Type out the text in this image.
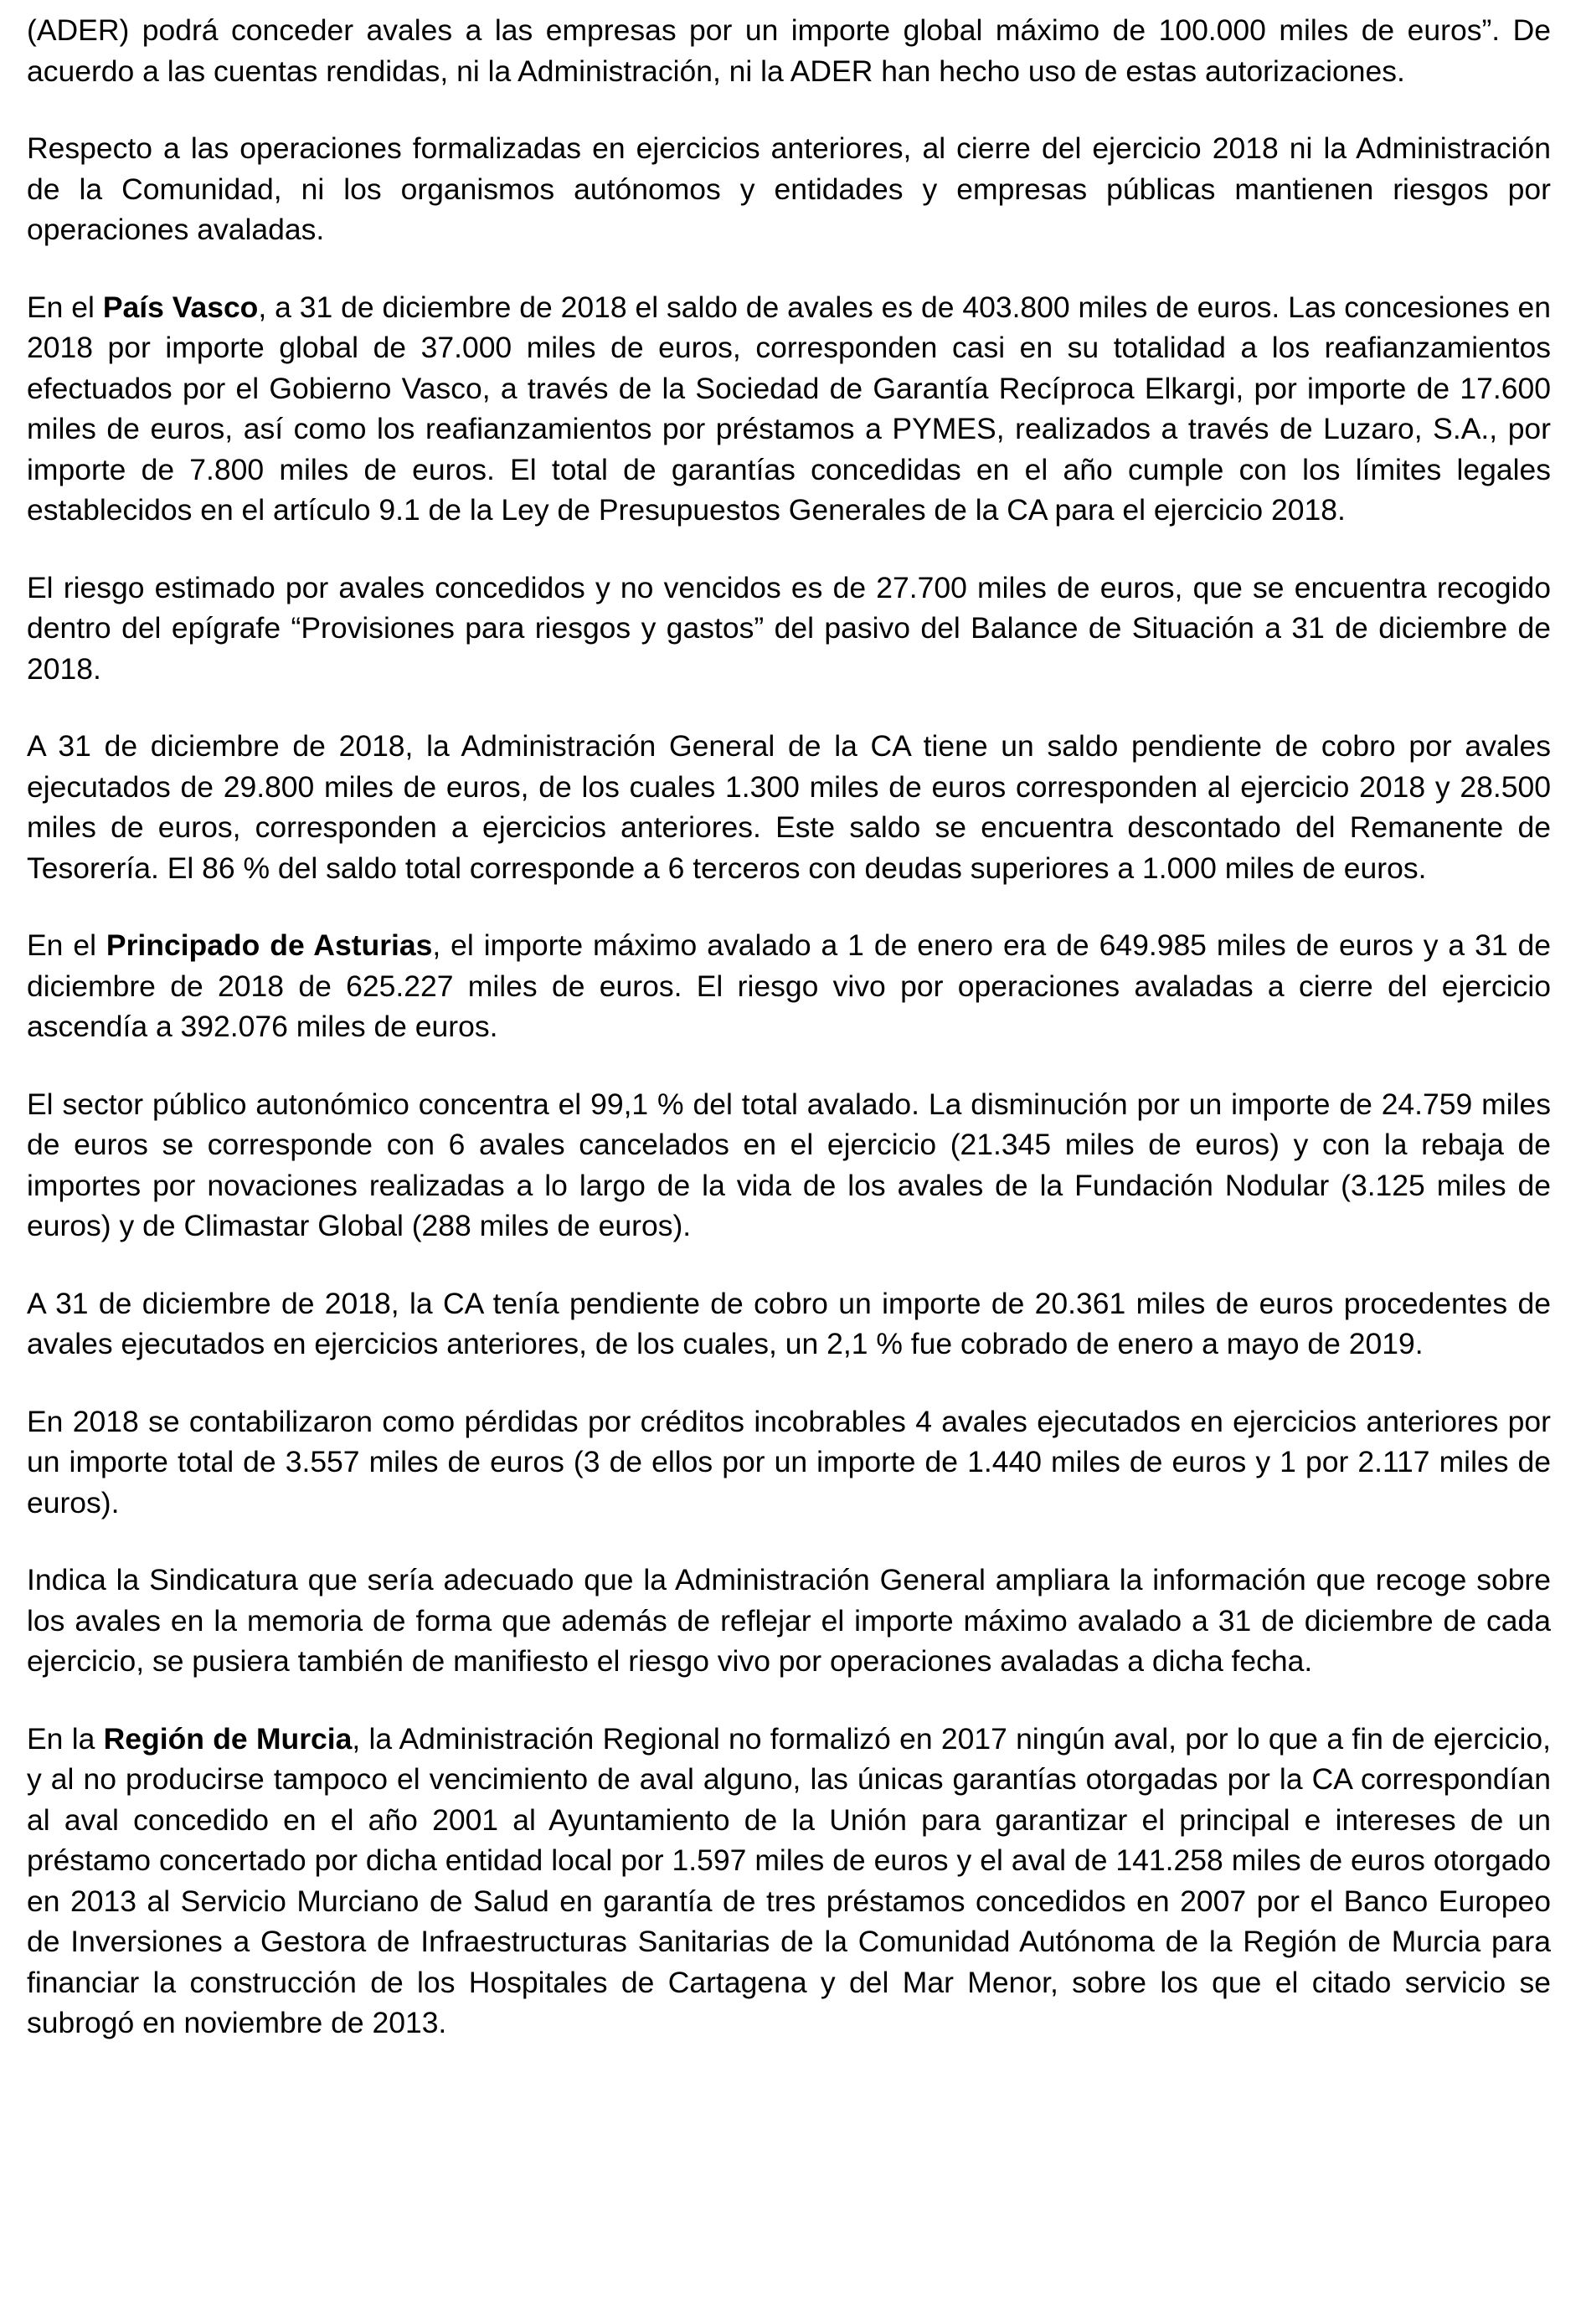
(ADER) podrá conceder avales a las empresas por un importe global máximo de 100.000 miles de euros”. De acuerdo a las cuentas rendidas, ni la Administración, ni la ADER han hecho uso de estas autorizaciones.

Respecto a las operaciones formalizadas en ejercicios anteriores, al cierre del ejercicio 2018 ni la Administración de la Comunidad, ni los organismos autónomos y entidades y empresas públicas mantienen riesgos por operaciones avaladas.

En el País Vasco, a 31 de diciembre de 2018 el saldo de avales es de 403.800 miles de euros. Las concesiones en 2018 por importe global de 37.000 miles de euros, corresponden casi en su totalidad a los reafianzamientos efectuados por el Gobierno Vasco, a través de la Sociedad de Garantía Recíproca Elkargi, por importe de 17.600 miles de euros, así como los reafianzamientos por préstamos a PYMES, realizados a través de Luzaro, S.A., por importe de 7.800 miles de euros. El total de garantías concedidas en el año cumple con los límites legales establecidos en el artículo 9.1 de la Ley de Presupuestos Generales de la CA para el ejercicio 2018.

El riesgo estimado por avales concedidos y no vencidos es de 27.700 miles de euros, que se encuentra recogido dentro del epígrafe “Provisiones para riesgos y gastos” del pasivo del Balance de Situación a 31 de diciembre de 2018.

A 31 de diciembre de 2018, la Administración General de la CA tiene un saldo pendiente de cobro por avales ejecutados de 29.800 miles de euros, de los cuales 1.300 miles de euros corresponden al ejercicio 2018 y 28.500 miles de euros, corresponden a ejercicios anteriores. Este saldo se encuentra descontado del Remanente de Tesorería. El 86 % del saldo total corresponde a 6 terceros con deudas superiores a 1.000 miles de euros.

En el Principado de Asturias, el importe máximo avalado a 1 de enero era de 649.985 miles de euros y a 31 de diciembre de 2018 de 625.227 miles de euros. El riesgo vivo por operaciones avaladas a cierre del ejercicio ascendía a 392.076 miles de euros.

El sector público autonómico concentra el 99,1 % del total avalado. La disminución por un importe de 24.759 miles de euros se corresponde con 6 avales cancelados en el ejercicio (21.345 miles de euros) y con la rebaja de importes por novaciones realizadas a lo largo de la vida de los avales de la Fundación Nodular (3.125 miles de euros) y de Climastar Global (288 miles de euros).

A 31 de diciembre de 2018, la CA tenía pendiente de cobro un importe de 20.361 miles de euros procedentes de avales ejecutados en ejercicios anteriores, de los cuales, un 2,1 % fue cobrado de enero a mayo de 2019.

En 2018 se contabilizaron como pérdidas por créditos incobrables 4 avales ejecutados en ejercicios anteriores por un importe total de 3.557 miles de euros (3 de ellos por un importe de 1.440 miles de euros y 1 por 2.117 miles de euros).

Indica la Sindicatura que sería adecuado que la Administración General ampliara la información que recoge sobre los avales en la memoria de forma que además de reflejar el importe máximo avalado a 31 de diciembre de cada ejercicio, se pusiera también de manifiesto el riesgo vivo por operaciones avaladas a dicha fecha.

En la Región de Murcia, la Administración Regional no formalizó en 2017 ningún aval, por lo que a fin de ejercicio, y al no producirse tampoco el vencimiento de aval alguno, las únicas garantías otorgadas por la CA correspondían al aval concedido en el año 2001 al Ayuntamiento de la Unión para garantizar el principal e intereses de un préstamo concertado por dicha entidad local por 1.597 miles de euros y el aval de 141.258 miles de euros otorgado en 2013 al Servicio Murciano de Salud en garantía de tres préstamos concedidos en 2007 por el Banco Europeo de Inversiones a Gestora de Infraestructuras Sanitarias de la Comunidad Autónoma de la Región de Murcia para financiar la construcción de los Hospitales de Cartagena y del Mar Menor, sobre los que el citado servicio se subrogó en noviembre de 2013.
